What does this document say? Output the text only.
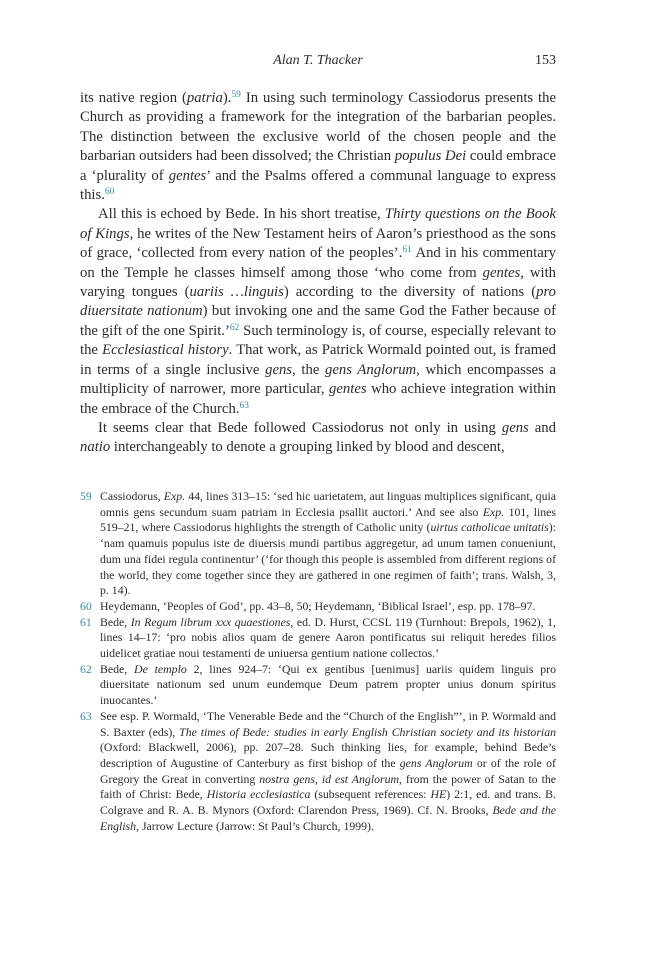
Alan T. Thacker	153

its native region (patria).$^{59}$ In using such terminology Cassiodorus presents the Church as providing a framework for the integration of the barbarian peoples. The distinction between the exclusive world of the chosen people and the barbarian outsiders had been dissolved; the Christian populus Dei could embrace a ‘plurality of gentes’ and the Psalms offered a communal language to express this.$^{60}$

All this is echoed by Bede. In his short treatise, Thirty questions on the Book of Kings, he writes of the New Testament heirs of Aaron’s priesthood as the sons of grace, ‘collected from every nation of the peoples’.$^{61}$ And in his commentary on the Temple he classes himself among those ‘who come from gentes, with varying tongues (uariis …linguis) according to the diversity of nations (pro diuersitate nationum) but invoking one and the same God the Father because of the gift of the one Spirit.’$^{62}$ Such terminology is, of course, especially relevant to the Ecclesiastical history. That work, as Patrick Wormald pointed out, is framed in terms of a single inclusive gens, the gens Anglorum, which encompasses a multiplicity of narrower, more particular, gentes who achieve integration within the embrace of the Church.$^{63}$

It seems clear that Bede followed Cassiodorus not only in using gens and natio interchangeably to denote a grouping linked by blood and descent,

59 Cassiodorus, Exp. 44, lines 313–15: ‘sed hic uarietatem, aut linguas multiplices significant, quia omnis gens secundum suam patriam in Ecclesia psallit auctori.’ And see also Exp. 101, lines 519–21, where Cassiodorus highlights the strength of Catholic unity (uirtus catholicae unitatis): ‘nam quamuis populus iste de diuersis mundi partibus aggregetur, ad unum tamen conueniunt, dum una fidei regula continentur’ (‘for though this people is assembled from different regions of the world, they come together since they are gathered in one regimen of faith’; trans. Walsh, 3, p. 14).
60 Heydemann, ‘Peoples of God’, pp. 43–8, 50; Heydemann, ‘Biblical Israel’, esp. pp. 178–97.
61 Bede, In Regum librum xxx quaestiones, ed. D. Hurst, CCSL 119 (Turnhout: Brepols, 1962), 1, lines 14–17: ‘pro nobis alios quam de genere Aaron pontificatus sui reliquit heredes filios uidelicet gratiae noui testamenti de uniuersa gentium natione collectos.’
62 Bede, De templo 2, lines 924–7: ‘Qui ex gentibus [uenimus] uariis quidem linguis pro diuersitate nationum sed unum eundemque Deum patrem propter unius donum spiritus inuocantes.’
63 See esp. P. Wormald, ‘The Venerable Bede and the “Church of the English”’, in P. Wormald and S. Baxter (eds), The times of Bede: studies in early English Christian society and its historian (Oxford: Blackwell, 2006), pp. 207–28. Such thinking lies, for example, behind Bede’s description of Augustine of Canterbury as first bishop of the gens Anglorum or of the role of Gregory the Great in converting nostra gens, id est Anglorum, from the power of Satan to the faith of Christ: Bede, Historia ecclesiastica (subsequent references: HE) 2:1, ed. and trans. B. Colgrave and R. A. B. Mynors (Oxford: Clarendon Press, 1969). Cf. N. Brooks, Bede and the English, Jarrow Lecture (Jarrow: St Paul’s Church, 1999).
